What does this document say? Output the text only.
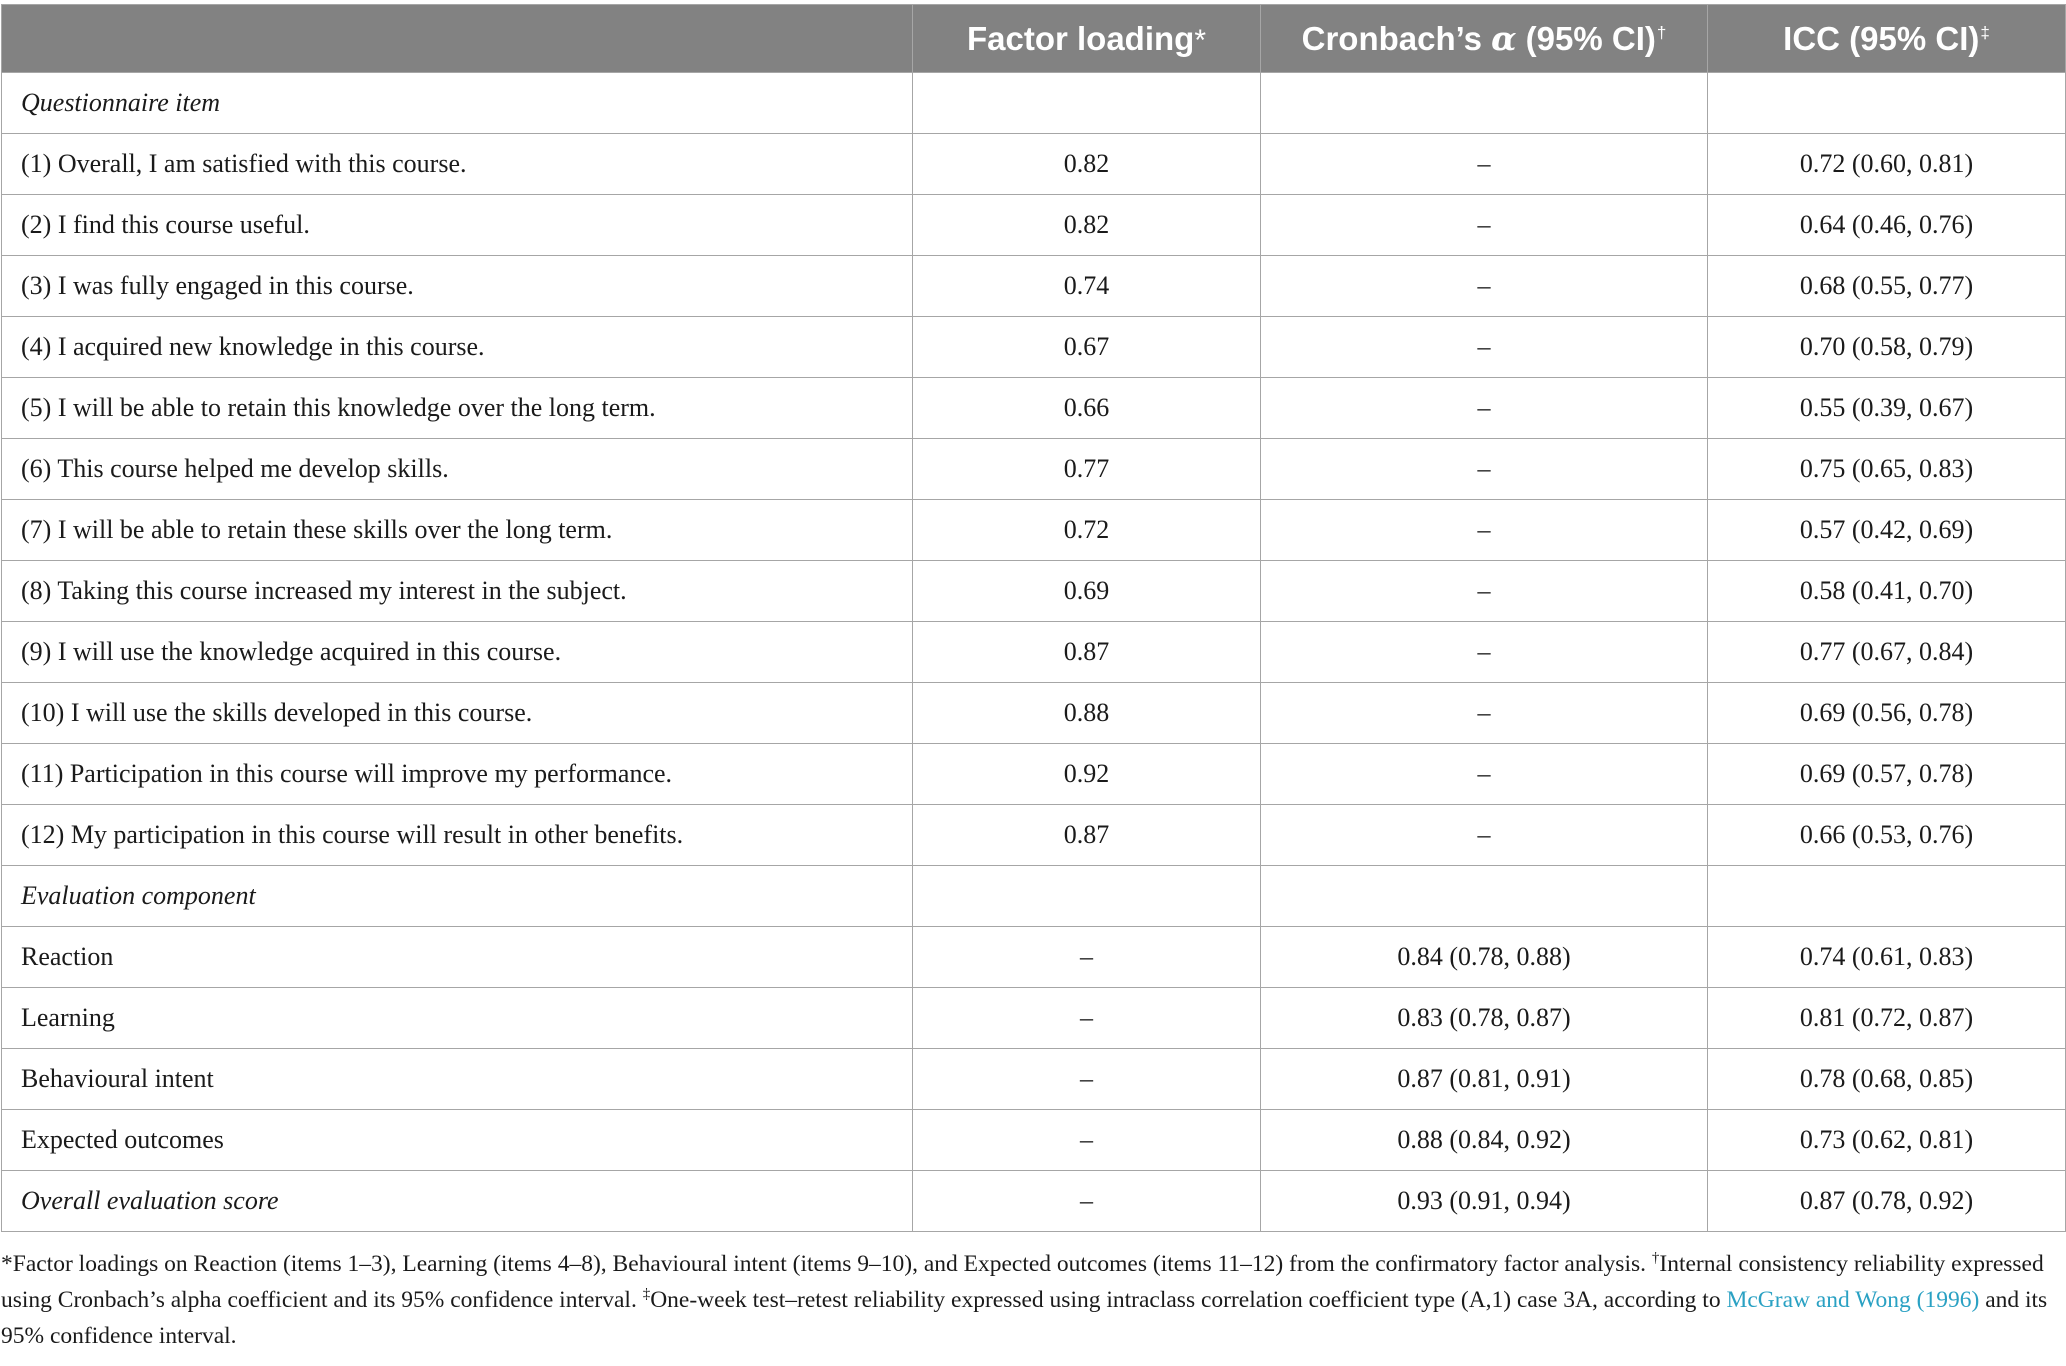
	Factor loading*	Cronbach’s α (95% CI)†	ICC (95% CI)‡
Questionnaire item			
(1) Overall, I am satisfied with this course.	0.82	–	0.72 (0.60, 0.81)
(2) I find this course useful.	0.82	–	0.64 (0.46, 0.76)
(3) I was fully engaged in this course.	0.74	–	0.68 (0.55, 0.77)
(4) I acquired new knowledge in this course.	0.67	–	0.70 (0.58, 0.79)
(5) I will be able to retain this knowledge over the long term.	0.66	–	0.55 (0.39, 0.67)
(6) This course helped me develop skills.	0.77	–	0.75 (0.65, 0.83)
(7) I will be able to retain these skills over the long term.	0.72	–	0.57 (0.42, 0.69)
(8) Taking this course increased my interest in the subject.	0.69	–	0.58 (0.41, 0.70)
(9) I will use the knowledge acquired in this course.	0.87	–	0.77 (0.67, 0.84)
(10) I will use the skills developed in this course.	0.88	–	0.69 (0.56, 0.78)
(11) Participation in this course will improve my performance.	0.92	–	0.69 (0.57, 0.78)
(12) My participation in this course will result in other benefits.	0.87	–	0.66 (0.53, 0.76)
Evaluation component			
Reaction	–	0.84 (0.78, 0.88)	0.74 (0.61, 0.83)
Learning	–	0.83 (0.78, 0.87)	0.81 (0.72, 0.87)
Behavioural intent	–	0.87 (0.81, 0.91)	0.78 (0.68, 0.85)
Expected outcomes	–	0.88 (0.84, 0.92)	0.73 (0.62, 0.81)
Overall evaluation score	–	0.93 (0.91, 0.94)	0.87 (0.78, 0.92)
*Factor loadings on Reaction (items 1–3), Learning (items 4–8), Behavioural intent (items 9–10), and Expected outcomes (items 11–12) from the confirmatory factor analysis. †Internal consistency reliability expressed using Cronbach’s alpha coefficient and its 95% confidence interval. ‡One-week test–retest reliability expressed using intraclass correlation coefficient type (A,1) case 3A, according to McGraw and Wong (1996) and its 95% confidence interval.
